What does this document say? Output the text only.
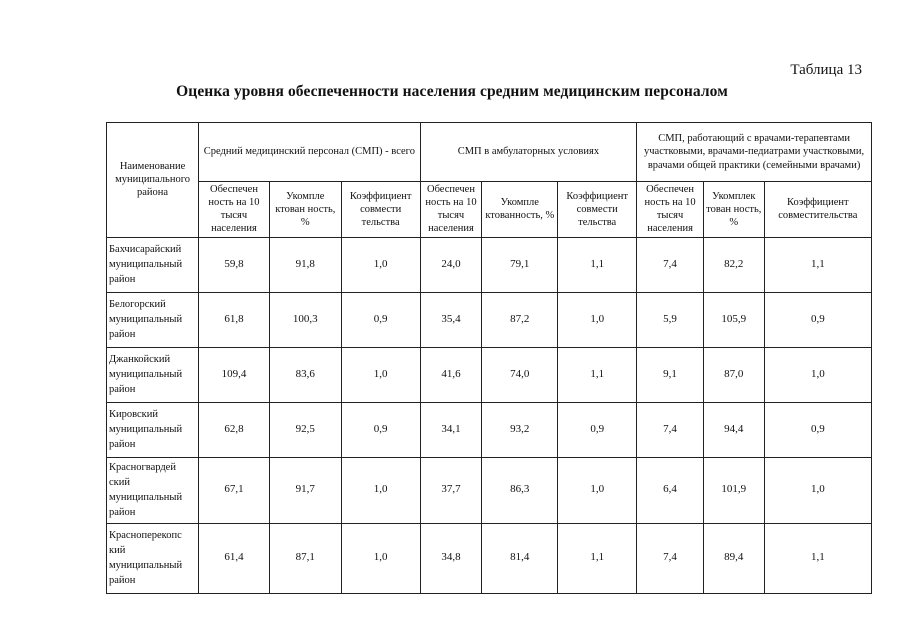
Таблица 13
Оценка уровня обеспеченности населения средним медицинским персоналом
Наименование муниципального района	Средний медицинский персонал (СМП) - всего			СМП в амбулаторных условиях			СМП, работающий с врачами-терапевтами участковыми, врачами-педиатрами участковыми, врачами общей практики (семейными врачами)		
	Обеспечен ность на 10 тысяч населения	Укомпле ктован ность, %	Коэффициент совмести тельства	Обеспечен ность на 10 тысяч населения	Укомпле ктованность, %	Коэффициент совмести тельства	Обеспечен ность на 10 тысяч населения	Укомплек тован ность, %	Коэффициент совместительства
Бахчисарайский муниципальный район	59,8	91,8	1,0	24,0	79,1	1,1	7,4	82,2	1,1
Белогорский муниципальный район	61,8	100,3	0,9	35,4	87,2	1,0	5,9	105,9	0,9
Джанкойский муниципальный район	109,4	83,6	1,0	41,6	74,0	1,1	9,1	87,0	1,0
Кировский муниципальный район	62,8	92,5	0,9	34,1	93,2	0,9	7,4	94,4	0,9
Красногвардей ский муниципальный район	67,1	91,7	1,0	37,7	86,3	1,0	6,4	101,9	1,0
Красноперекопс кий муниципальный район	61,4	87,1	1,0	34,8	81,4	1,1	7,4	89,4	1,1
